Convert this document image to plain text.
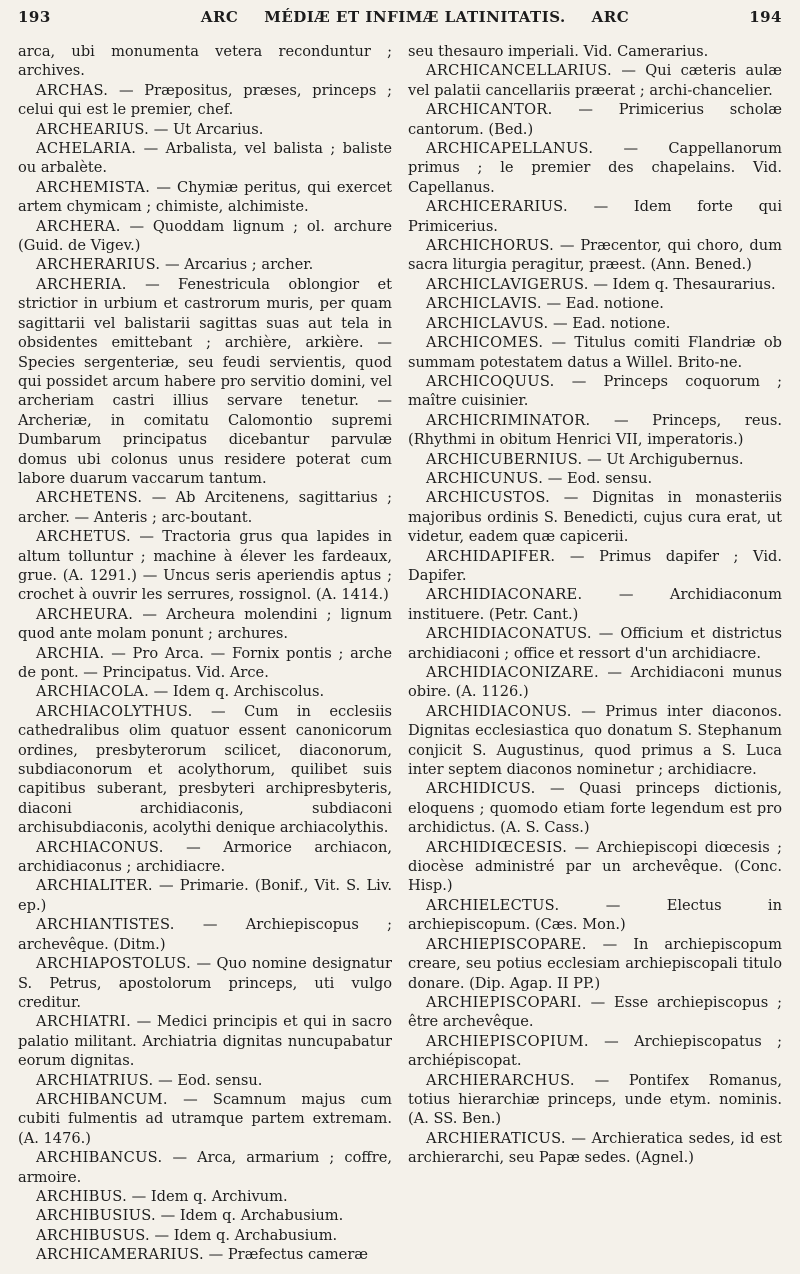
193	ARC MÉDIÆ ET INFIMÆ LATINITATIS. ARC	194

arca, ubi monumenta vetera reconduntur ; archives.

ARCHAS. — Præpositus, præses, princeps ; celui qui est le premier, chef.

ARCHEARIUS. — Ut Arcarius.

ACHELARIA. — Arbalista, vel balista ; baliste ou arbalète.

ARCHEMISTA. — Chymiæ peritus, qui exercet artem chymicam ; chimiste, alchimiste.

ARCHERA. — Quoddam lignum ; ol. archure (Guid. de Vigev.)

ARCHERARIUS. — Arcarius ; archer.

ARCHERIA. — Fenestricula oblongior et strictior in urbium et castrorum muris, per quam sagittarii vel balistarii sagittas suas aut tela in obsidentes emittebant ; archière, arkière. — Species sergenteriæ, seu feudi servientis, quod qui possidet arcum habere pro servitio domini, vel archeriam castri illius servare tenetur. — Archeriæ, in comitatu Calomontio supremi Dumbarum principatus dicebantur parvulæ domus ubi colonus unus residere poterat cum labore duarum vaccarum tantum.

ARCHETENS. — Ab Arcitenens, sagittarius ; archer. — Anteris ; arc-boutant.

ARCHETUS. — Tractoria grus qua lapides in altum tolluntur ; machine à élever les fardeaux, grue. (A. 1291.) — Uncus seris aperiendis aptus ; crochet à ouvrir les serrures, rossignol. (A. 1414.)

ARCHEURA. — Archeura molendini ; lignum quod ante molam ponunt ; archures.

ARCHIA. — Pro Arca. — Fornix pontis ; arche de pont. — Principatus. Vid. Arce.

ARCHIACOLA. — Idem q. Archiscolus.

ARCHIACOLYTHUS. — Cum in ecclesiis cathedralibus olim quatuor essent canonicorum ordines, presbyterorum scilicet, diaconorum, subdiaconorum et acolythorum, quilibet suis capitibus suberant, presbyteri archipresbyteris, diaconi archidiaconis, subdiaconi archisubdiaconis, acolythi denique archiacolythis.

ARCHIACONUS. — Armorice archiacon, archidiaconus ; archidiacre.

ARCHIALITER. — Primarie. (Bonif., Vit. S. Liv. ep.)

ARCHIANTISTES. — Archiepiscopus ; archevêque. (Ditm.)

ARCHIAPOSTOLUS. — Quo nomine designatur S. Petrus, apostolorum princeps, uti vulgo creditur.

ARCHIATRI. — Medici principis et qui in sacro palatio militant. Archiatria dignitas nuncupabatur eorum dignitas.

ARCHIATRIUS. — Eod. sensu.

ARCHIBANCUM. — Scamnum majus cum cubiti fulmentis ad utramque partem extremam. (A. 1476.)

ARCHIBANCUS. — Arca, armarium ; coffre, armoire.

ARCHIBUS. — Idem q. Archivum.

ARCHIBUSIUS. — Idem q. Archabusium.

ARCHIBUSUS. — Idem q. Archabusium.

ARCHICAMERARIUS. — Præfectus cameræ

seu thesauro imperiali. Vid. Camerarius.

ARCHICANCELLARIUS. — Qui cæteris aulæ vel palatii cancellariis præerat ; archi-chancelier.

ARCHICANTOR. — Primicerius scholæ cantorum. (Bed.)

ARCHICAPELLANUS. — Cappellanorum primus ; le premier des chapelains. Vid. Capellanus.

ARCHICERARIUS. — Idem forte qui Primicerius.

ARCHICHORUS. — Præcentor, qui choro, dum sacra liturgia peragitur, præest. (Ann. Bened.)

ARCHICLAVIGERUS. — Idem q. Thesaurarius.

ARCHICLAVIS. — Ead. notione.

ARCHICLAVUS. — Ead. notione.

ARCHICOMES. — Titulus comiti Flandriæ ob summam potestatem datus a Willel. Brito-ne.

ARCHICOQUUS. — Princeps coquorum ; maître cuisinier.

ARCHICRIMINATOR. — Princeps, reus. (Rhythmi in obitum Henrici VII, imperatoris.)

ARCHICUBERNIUS. — Ut Archigubernus.

ARCHICUNUS. — Eod. sensu.

ARCHICUSTOS. — Dignitas in monasteriis majoribus ordinis S. Benedicti, cujus cura erat, ut videtur, eadem quæ capicerii.

ARCHIDAPIFER. — Primus dapifer ; Vid. Dapifer.

ARCHIDIACONARE. — Archidiaconum instituere. (Petr. Cant.)

ARCHIDIACONATUS. — Officium et districtus archidiaconi ; office et ressort d'un archidiacre.

ARCHIDIACONIZARE. — Archidiaconi munus obire. (A. 1126.)

ARCHIDIACONUS. — Primus inter diaconos. Dignitas ecclesiastica quo donatum S. Stephanum conjicit S. Augustinus, quod primus a S. Luca inter septem diaconos nominetur ; archidiacre.

ARCHIDICUS. — Quasi princeps dictionis, eloquens ; quomodo etiam forte legendum est pro archidictus. (A. S. Cass.)

ARCHIDIŒCESIS. — Archiepiscopi diœcesis ; diocèse administré par un archevêque. (Conc. Hisp.)

ARCHIELECTUS. — Electus in archiepiscopum. (Cæs. Mon.)

ARCHIEPISCOPARE. — In archiepiscopum creare, seu potius ecclesiam archiepiscopali titulo donare. (Dip. Agap. II PP.)

ARCHIEPISCOPARI. — Esse archiepiscopus ; être archevêque.

ARCHIEPISCOPIUM. — Archiepiscopatus ; archiépiscopat.

ARCHIERARCHUS. — Pontifex Romanus, totius hierarchiæ princeps, unde etym. nominis. (A. SS. Ben.)

ARCHIERATICUS. — Archieratica sedes, id est archierarchi, seu Papæ sedes. (Agnel.)
